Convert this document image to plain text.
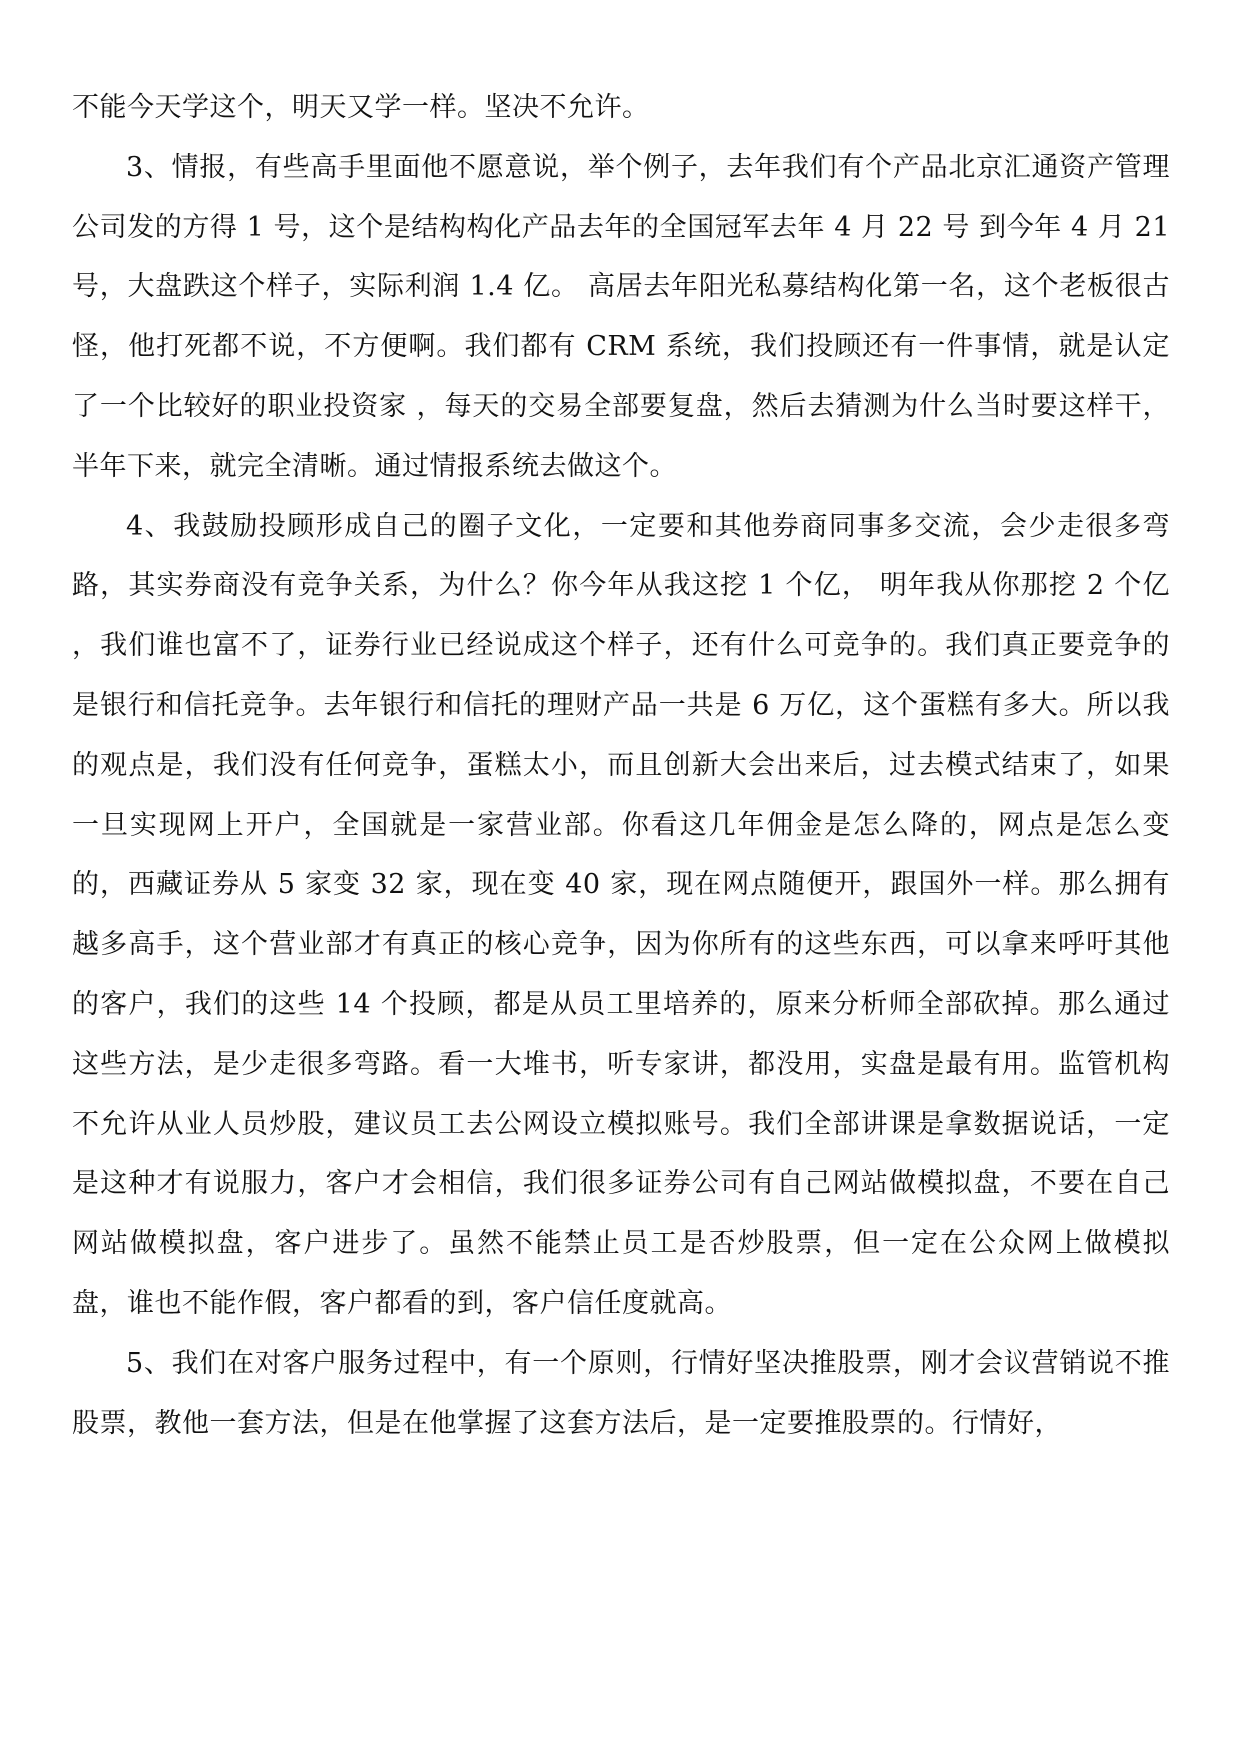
不能今天学这个，明天又学一样。坚决不允许。

3、情报，有些高手里面他不愿意说，举个例子，去年我们有个产品北京汇通资产管理公司发的方得 1 号，这个是结构构化产品去年的全国冠军去年 4 月 22 号 到今年 4 月 21 号，大盘跌这个样子，实际利润 1.4 亿。 高居去年阳光私募结构化第一名，这个老板很古怪，他打死都不说，不方便啊。我们都有 CRM 系统，我们投顾还有一件事情，就是认定了一个比较好的职业投资家 ，每天的交易全部要复盘，然后去猜测为什么当时要这样干，半年下来，就完全清晰。通过情报系统去做这个。

4、我鼓励投顾形成自己的圈子文化，一定要和其他券商同事多交流，会少走很多弯路，其实券商没有竞争关系，为什么？你今年从我这挖 1 个亿， 明年我从你那挖 2 个亿 ，我们谁也富不了，证券行业已经说成这个样子，还有什么可竞争的。我们真正要竞争的是银行和信托竞争。去年银行和信托的理财产品一共是 6 万亿，这个蛋糕有多大。所以我的观点是，我们没有任何竞争，蛋糕太小，而且创新大会出来后，过去模式结束了，如果一旦实现网上开户，全国就是一家营业部。你看这几年佣金是怎么降的，网点是怎么变的，西藏证券从 5 家变 32 家，现在变 40 家，现在网点随便开，跟国外一样。那么拥有越多高手，这个营业部才有真正的核心竞争，因为你所有的这些东西，可以拿来呼吁其他的客户，我们的这些 14 个投顾，都是从员工里培养的，原来分析师全部砍掉。那么通过这些方法，是少走很多弯路。看一大堆书，听专家讲，都没用，实盘是最有用。监管机构不允许从业人员炒股，建议员工去公网设立模拟账号。我们全部讲课是拿数据说话，一定是这种才有说服力，客户才会相信，我们很多证券公司有自己网站做模拟盘，不要在自己网站做模拟盘，客户进步了。虽然不能禁止员工是否炒股票，但一定在公众网上做模拟盘，谁也不能作假，客户都看的到，客户信任度就高。

5、我们在对客户服务过程中，有一个原则，行情好坚决推股票，刚才会议营销说不推股票，教他一套方法，但是在他掌握了这套方法后，是一定要推股票的。行情好，
